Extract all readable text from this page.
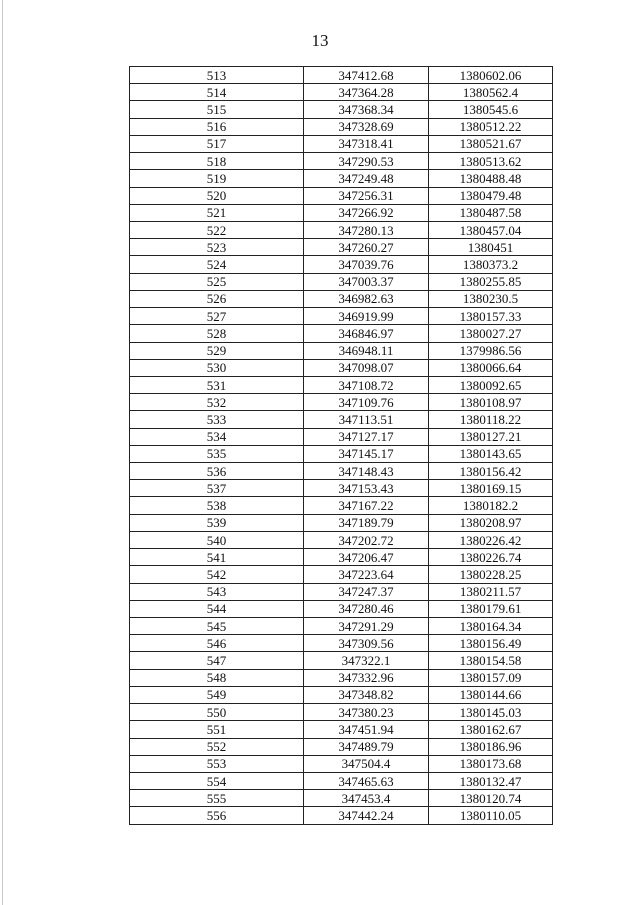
13
513	347412.68	1380602.06
514	347364.28	1380562.4
515	347368.34	1380545.6
516	347328.69	1380512.22
517	347318.41	1380521.67
518	347290.53	1380513.62
519	347249.48	1380488.48
520	347256.31	1380479.48
521	347266.92	1380487.58
522	347280.13	1380457.04
523	347260.27	1380451
524	347039.76	1380373.2
525	347003.37	1380255.85
526	346982.63	1380230.5
527	346919.99	1380157.33
528	346846.97	1380027.27
529	346948.11	1379986.56
530	347098.07	1380066.64
531	347108.72	1380092.65
532	347109.76	1380108.97
533	347113.51	1380118.22
534	347127.17	1380127.21
535	347145.17	1380143.65
536	347148.43	1380156.42
537	347153.43	1380169.15
538	347167.22	1380182.2
539	347189.79	1380208.97
540	347202.72	1380226.42
541	347206.47	1380226.74
542	347223.64	1380228.25
543	347247.37	1380211.57
544	347280.46	1380179.61
545	347291.29	1380164.34
546	347309.56	1380156.49
547	347322.1	1380154.58
548	347332.96	1380157.09
549	347348.82	1380144.66
550	347380.23	1380145.03
551	347451.94	1380162.67
552	347489.79	1380186.96
553	347504.4	1380173.68
554	347465.63	1380132.47
555	347453.4	1380120.74
556	347442.24	1380110.05
